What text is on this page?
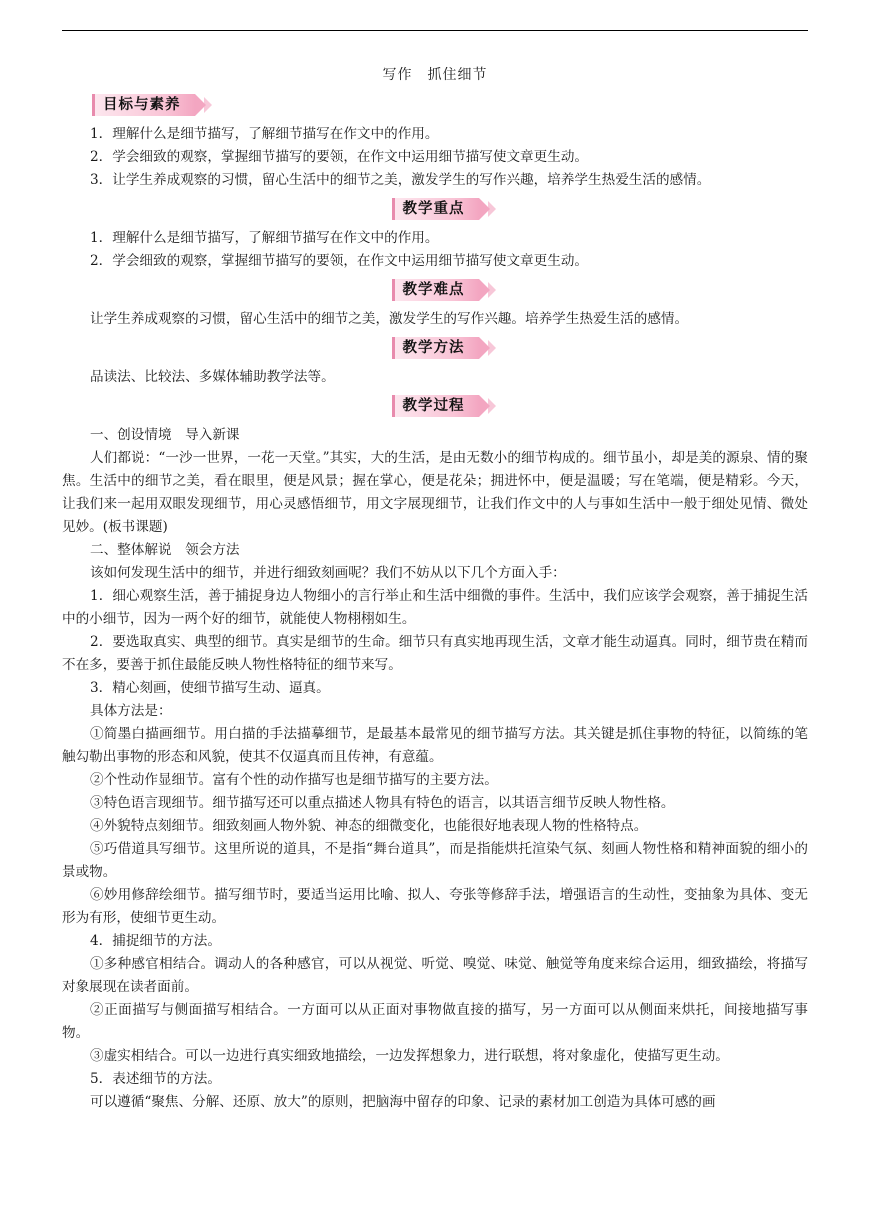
写作　抓住细节
目标与素养

1．理解什么是细节描写，了解细节描写在作文中的作用。

2．学会细致的观察，掌握细节描写的要领，在作文中运用细节描写使文章更生动。

3．让学生养成观察的习惯，留心生活中的细节之美，激发学生的写作兴趣，培养学生热爱生活的感情。

教学重点

1．理解什么是细节描写，了解细节描写在作文中的作用。

2．学会细致的观察，掌握细节描写的要领，在作文中运用细节描写使文章更生动。

教学难点

让学生养成观察的习惯，留心生活中的细节之美，激发学生的写作兴趣。培养学生热爱生活的感情。

教学方法

品读法、比较法、多媒体辅助教学法等。

教学过程

一、创设情境　导入新课

人们都说：“一沙一世界，一花一天堂。”其实，大的生活，是由无数小的细节构成的。细节虽小，却是美的源泉、情的聚焦。生活中的细节之美，看在眼里，便是风景；握在掌心，便是花朵；拥进怀中，便是温暖；写在笔端，便是精彩。今天，让我们来一起用双眼发现细节，用心灵感悟细节，用文字展现细节，让我们作文中的人与事如生活中一般于细处见情、微处见妙。(板书课题)

二、整体解说　领会方法

该如何发现生活中的细节，并进行细致刻画呢？我们不妨从以下几个方面入手：

1．细心观察生活，善于捕捉身边人物细小的言行举止和生活中细微的事件。生活中，我们应该学会观察，善于捕捉生活中的小细节，因为一两个好的细节，就能使人物栩栩如生。

2．要选取真实、典型的细节。真实是细节的生命。细节只有真实地再现生活，文章才能生动逼真。同时，细节贵在精而不在多，要善于抓住最能反映人物性格特征的细节来写。

3．精心刻画，使细节描写生动、逼真。

具体方法是：

①简墨白描画细节。用白描的手法描摹细节，是最基本最常见的细节描写方法。其关键是抓住事物的特征，以简练的笔触勾勒出事物的形态和风貌，使其不仅逼真而且传神，有意蕴。

②个性动作显细节。富有个性的动作描写也是细节描写的主要方法。

③特色语言现细节。细节描写还可以重点描述人物具有特色的语言，以其语言细节反映人物性格。

④外貌特点刻细节。细致刻画人物外貌、神态的细微变化，也能很好地表现人物的性格特点。

⑤巧借道具写细节。这里所说的道具，不是指“舞台道具”，而是指能烘托渲染气氛、刻画人物性格和精神面貌的细小的景或物。

⑥妙用修辞绘细节。描写细节时，要适当运用比喻、拟人、夸张等修辞手法，增强语言的生动性，变抽象为具体、变无形为有形，使细节更生动。

4．捕捉细节的方法。

①多种感官相结合。调动人的各种感官，可以从视觉、听觉、嗅觉、味觉、触觉等角度来综合运用，细致描绘，将描写对象展现在读者面前。

②正面描写与侧面描写相结合。一方面可以从正面对事物做直接的描写，另一方面可以从侧面来烘托，间接地描写事物。

③虚实相结合。可以一边进行真实细致地描绘，一边发挥想象力，进行联想，将对象虚化，使描写更生动。

5．表述细节的方法。

可以遵循“聚焦、分解、还原、放大”的原则，把脑海中留存的印象、记录的素材加工创造为具体可感的画
